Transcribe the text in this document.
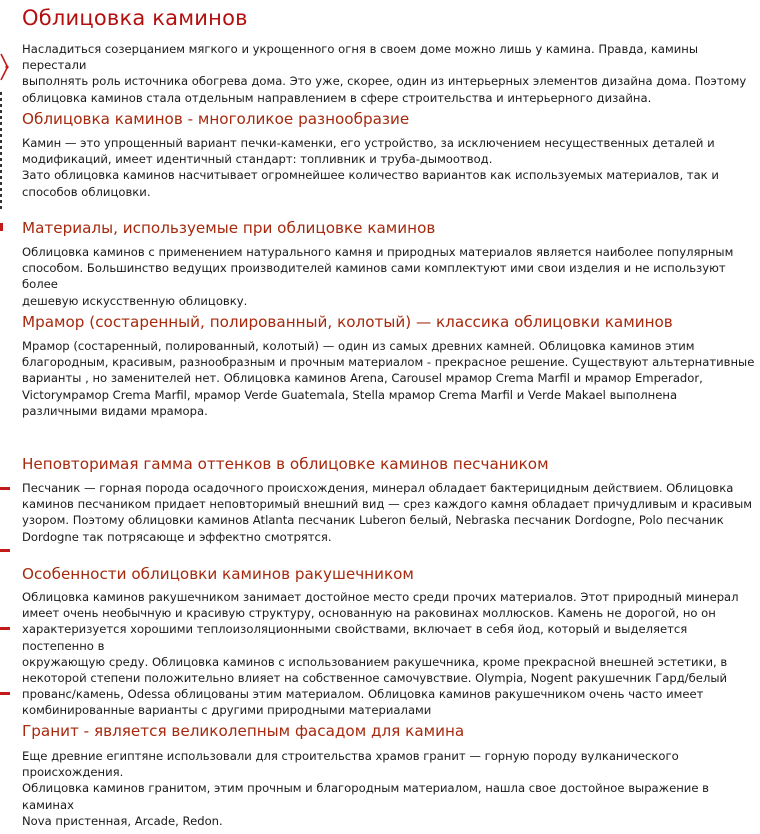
Облицовка каминов
Насладиться созерцанием мягкого и укрощенного огня в своем доме можно лишь у камина. Правда, камины перестали
выполнять роль источника обогрева дома. Это уже, скорее, один из интерьерных элементов дизайна дома. Поэтому
облицовка каминов стала отдельным направлением в сфере строительства и интерьерного дизайна.
Облицовка каминов - многоликое разнообразие
Камин — это упрощенный вариант печки-каменки, его устройство, за исключением несущественных деталей и
модификаций, имеет идентичный стандарт: топливник и труба-дымоотвод.
Зато облицовка каминов насчитывает огромнейшее количество вариантов как используемых материалов, так и
способов облицовки.
Материалы, используемые при облицовке каминов
Облицовка каминов с применением натурального камня и природных материалов является наиболее популярным
способом. Большинство ведущих производителей каминов сами комплектуют ими свои изделия и не используют более
дешевую искусственную облицовку.
Мрамор (состаренный, полированный, колотый) — классика облицовки каминов
Мрамор (состаренный, полированный, колотый) — один из самых древних камней. Облицовка каминов этим
благородным, красивым, разнообразным и прочным материалом - прекрасное решение. Существуют альтернативные
варианты , но заменителей нет. Облицовка каминов Arena, Carousel мрамор Crema Marfil и мрамор Emperador,
Victoryмрамор Crema Marfil, мрамор Verde Guatemala, Stella мрамор Crema Marfil и Verde Makael выполнена
различными видами мрамора.
Неповторимая гамма оттенков в облицовке каминов песчаником
Песчаник — горная порода осадочного происхождения, минерал обладает бактерицидным действием. Облицовка
каминов песчаником придает неповторимый внешний вид — срез каждого камня обладает причудливым и красивым
узором. Поэтому облицовки каминов Atlanta песчаник Luberon белый, Nebraska песчаник Dordogne, Polo песчаник
Dordogne так потрясающе и эффектно смотрятся.
Особенности облицовки каминов ракушечником
Облицовка каминов ракушечником занимает достойное место среди прочих материалов. Этот природный минерал
имеет очень необычную и красивую структуру, основанную на раковинах моллюсков. Камень не дорогой, но он
характеризуется хорошими теплоизоляционными свойствами, включает в себя йод, который и выделяется постепенно в
окружающую среду. Облицовка каминов с использованием ракушечника, кроме прекрасной внешней эстетики, в
некоторой степени положительно влияет на собственное самочувствие. Olympia, Nogent ракушечник Гард/белый
прованс/камень, Odessa облицованы этим материалом. Облицовка каминов ракушечником очень часто имеет
комбинированные варианты с другими природными материалами
Гранит - является великолепным фасадом для камина
Еще древние египтяне использовали для строительства храмов гранит — горную породу вулканического
происхождения.
Облицовка каминов гранитом, этим прочным и благородным материалом, нашла свое достойное выражение в каминах
Nova пристенная, Arcade, Redon.
